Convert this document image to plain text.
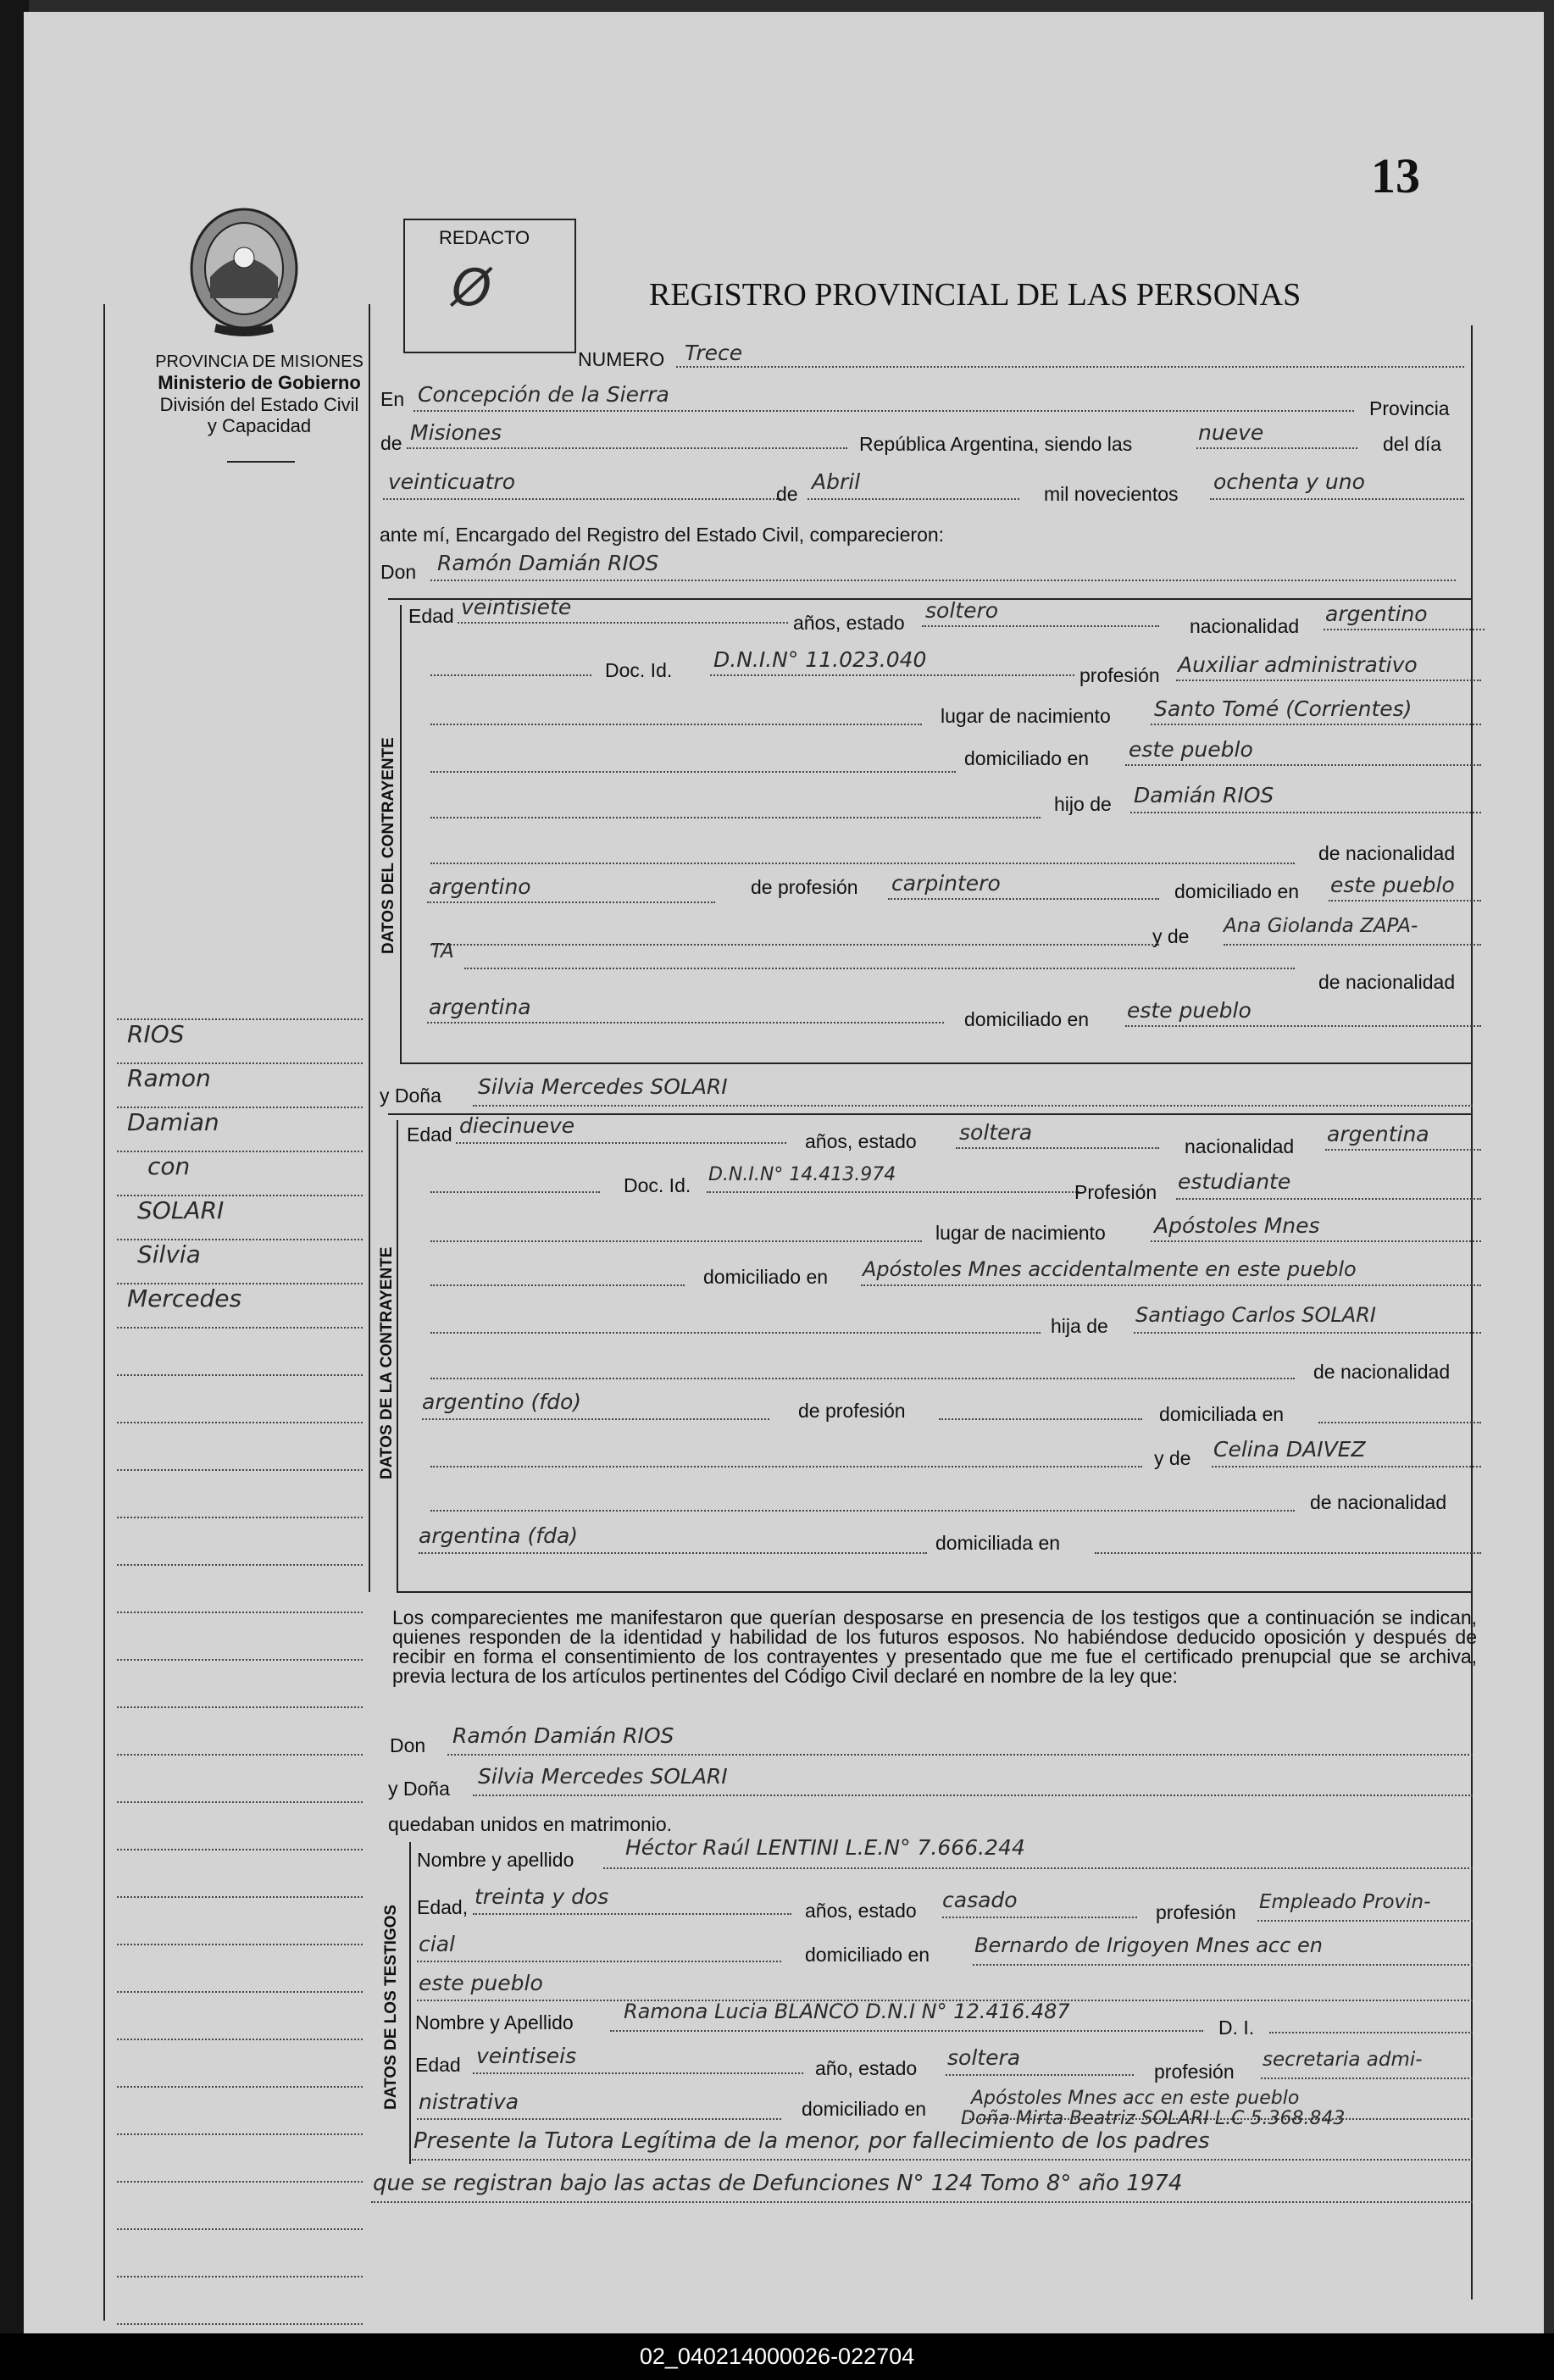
13
PROVINCIA DE MISIONES
Ministerio de Gobierno
División del Estado Civil
y Capacidad
REDACTO
Ø	REGISTRO PROVINCIAL DE LAS PERSONAS
NUMERO Trece
En Concepción de la Sierra
Provincia
de Misiones	República Argentina, siendo las	nueve	del día
veinticuatro	de Abril	mil novecientos ochenta y uno
ante mí, Encargado del Registro del Estado Civil, comparecieron:
Don Ramón Damián RIOS
DATOS DEL CONTRAYENTE
Edad veintisiete
años, estado soltero
nacionalidad argentino
Doc. Id. D.N.I.N° 11.023.040
profesión Auxiliar administrativo
lugar de nacimiento Santo Tomé (Corrientes)
domiciliado en este pueblo
hijo de Damián RIOS
de nacionalidad
argentino	de profesión carpintero	domiciliado en este pueblo
y de Ana Giolanda ZAPA-
TA
de nacionalidad
argentina	domiciliado en este pueblo
y Doña Silvia Mercedes SOLARI
DATOS DE LA CONTRAYENTE
Edad diecinueve
años, estado soltera
nacionalidad argentina
Doc. Id. D.N.I.N° 14.413.974
Profesión estudiante
lugar de nacimiento Apóstoles Mnes
domiciliado en Apóstoles Mnes accidentalmente en este pueblo
hija de Santiago Carlos SOLARI
de nacionalidad
argentino (fdo)	de profesión	domiciliada en
y de Celina DAIVEZ
de nacionalidad
argentina (fda)	domiciliada en
RIOS
Ramon
Damian
con
SOLARI
Silvia
Mercedes
Los comparecientes me manifestaron que querían desposarse en presencia de los testigos que a continuación se indican, quienes responden de la identidad y habilidad de los futuros esposos. No habiéndose deducido oposición y después de recibir en forma el consentimiento de los contrayentes y presentado que me fue el certificado prenupcial que se archiva, previa lectura de los artículos pertinentes del Código Civil declaré en nombre de la ley que:
Don Ramón Damián RIOS
y Doña Silvia Mercedes SOLARI
quedaban unidos en matrimonio.
DATOS DE LOS TESTIGOS
Nombre y apellido Héctor Raúl LENTINI L.E.N° 7.666.244
Edad, treinta y dos
años, estado casado	profesión Empleado Provin-
cial	domiciliado en Bernardo de Irigoyen Mnes acc en
este pueblo
Nombre y Apellido Ramona Lucia BLANCO D.N.I N° 12.416.487
D. I.
Edad veintiseis	año, estado soltera
profesión
secretaria admi-
nistrativa	domiciliado en Apóstoles Mnes acc en este pueblo
Doña Mirta Beatriz SOLARI L.C 5.368.843
Presente la Tutora Legítima de la menor, por fallecimiento de los padres
que se registran bajo las actas de Defunciones N° 124 Tomo 8° año 1974
02_040214000026-022704
